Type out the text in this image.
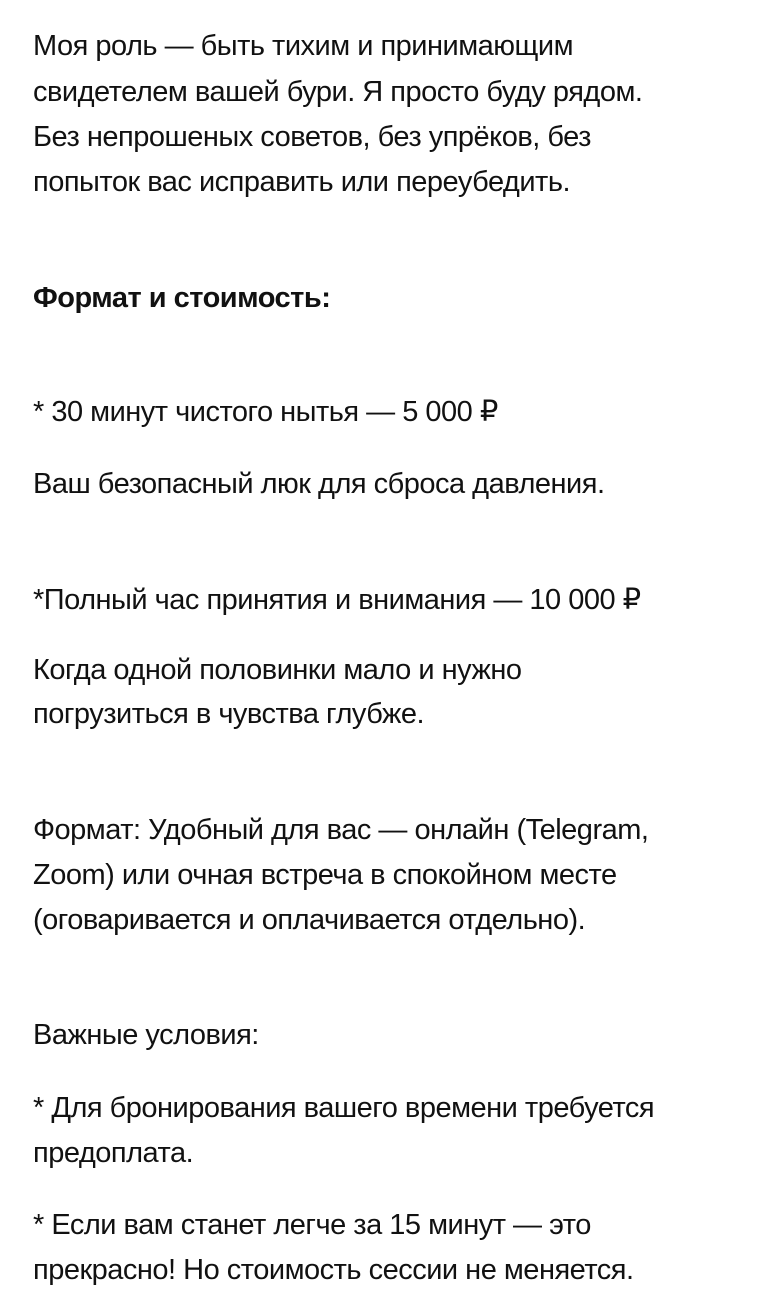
Моя роль — быть тихим и принимающим
свидетелем вашей бури. Я просто буду рядом.
Без непрошеных советов, без упрёков, без
попыток вас исправить или переубедить.
Формат и стоимость:
* 30 минут чистого нытья — 5 000 ₽
Ваш безопасный люк для сброса давления.
*Полный час принятия и внимания — 10 000 ₽
Когда одной половинки мало и нужно
погрузиться в чувства глубже.
Формат: Удобный для вас — онлайн (Telegram,
Zoom) или очная встреча в спокойном месте
(оговаривается и оплачивается отдельно).
Важные условия:
* Для бронирования вашего времени требуется
предоплата.
* Если вам станет легче за 15 минут — это
прекрасно! Но стоимость сессии не меняется.
